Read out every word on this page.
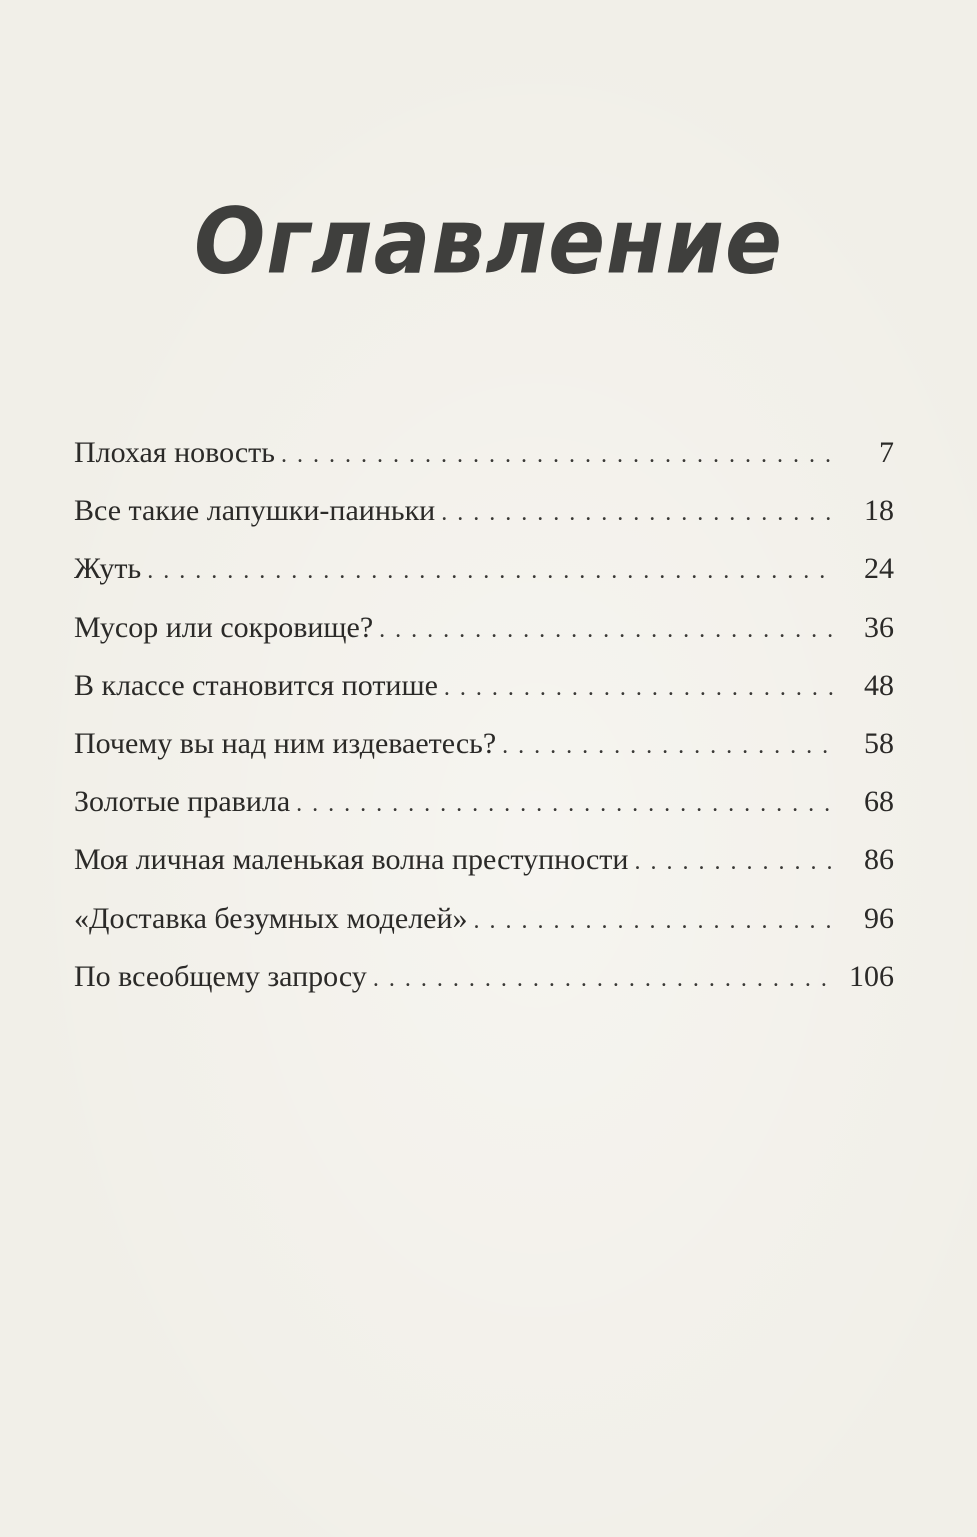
Оглавление
Плохая новость . . .	7
Все такие лапушки-паиньки . . .	18
Жуть . . .	24
Мусор или сокровище? . . .	36
В классе становится потише . . .	48
Почему вы над ним издеваетесь? . . .	58
Золотые правила . . .	68
Моя личная маленькая волна преступности . . .	86
«Доставка безумных моделей» . . .	96
По всеобщему запросу . . .	106
